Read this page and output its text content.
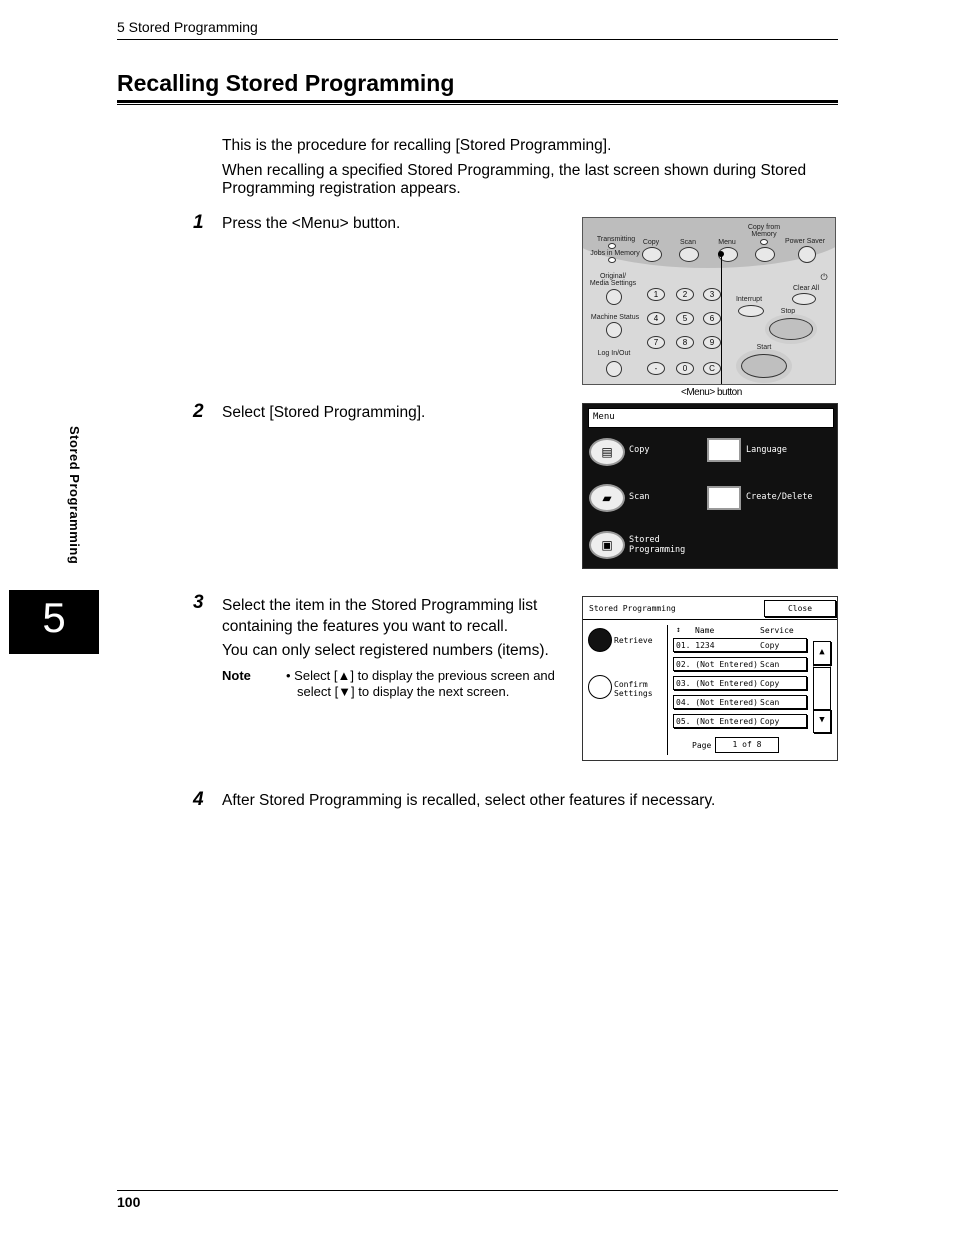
5 Stored Programming
Recalling Stored Programming
This is the procedure for recalling [Stored Programming].
When recalling a specified Stored Programming, the last screen shown during Stored Programming registration appears.
1 Press the <Menu> button.
Transmitting
Jobs in Memory
Copy	Scan	Menu
Copy from
Memory
Power Saver
Original/
Media Settings
⏻
Clear All
Interrupt
Stop
Machine Status
Start
Log In/Out
1	2	3
4	5	6
7	8	9
-	0	C
<Menu> button
2 Select [Stored Programming].	Menu
▤	Copy	Language
▰	Scan	Create/Delete
▣	Stored
Programming
3 Select the item in the Stored Programming list containing the features you want to recall.
You can only select registered numbers (items).
Note	• Select [▲] to display the previous screen and
select [▼] to display the next screen.
Stored Programming	Close
Retrieve
Confirm
Settings
↕ Name	Service
01. 1234	Copy
02. (Not Entered) Scan
03. (Not Entered) Copy
04. (Not Entered) Scan
05. (Not Entered) Copy
▲
▼
Page	1 of 8
4 After Stored Programming is recalled, select other features if necessary.
Stored Programming
5
100
